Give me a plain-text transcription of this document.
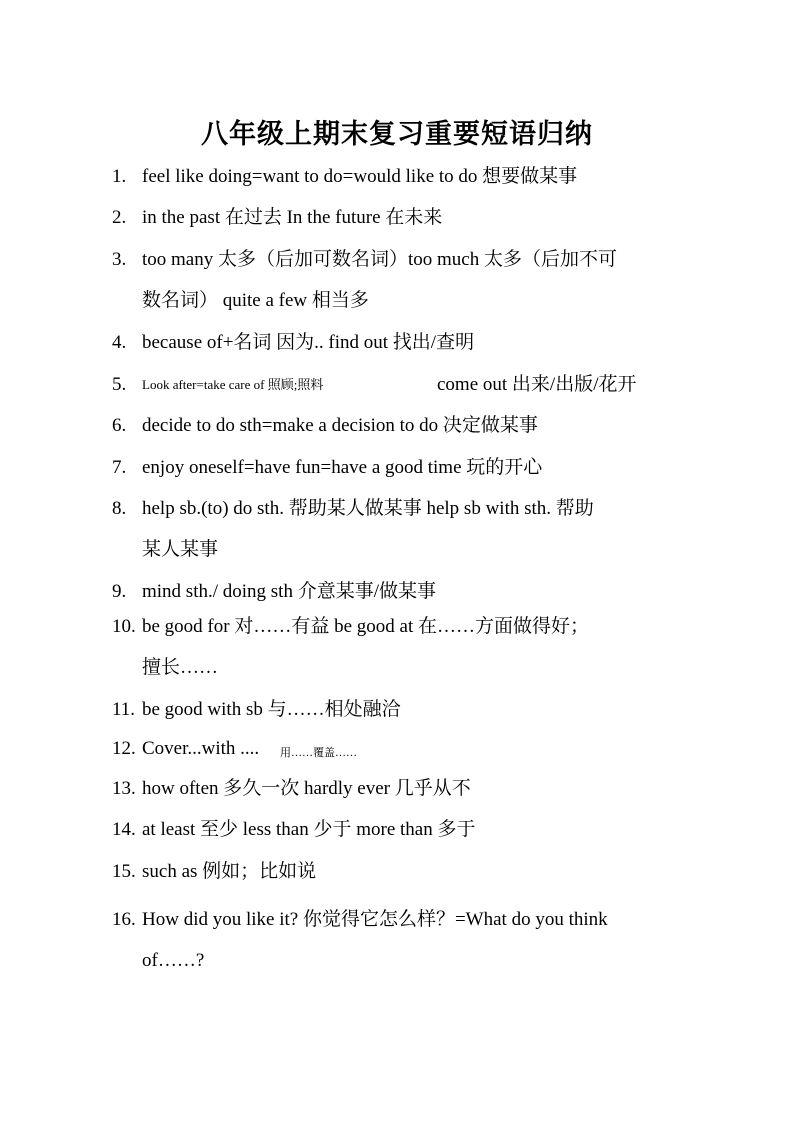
八年级上期末复习重要短语归纳
1. feel like doing=want to do=would like to do 想要做某事
2. in the past 在过去 In the future 在未来
3. too many 太多（后加可数名词）too much 太多（后加不可
数名词） quite a few 相当多
4. because of+名词 因为.. find out 找出/查明
5. Look after=take care of 照顾;照料	come out 出来/出版/花开
6. decide to do sth=make a decision to do 决定做某事
7. enjoy oneself=have fun=have a good time 玩的开心
8. help sb.(to) do sth. 帮助某人做某事 help sb with sth. 帮助
某人某事
9. mind sth./ doing sth 介意某事/做某事
10. be good for 对……有益 be good at 在……方面做得好；
擅长……
11. be good with sb 与……相处融洽
12. Cover...with .... 用……覆盖……
13. how often 多久一次 hardly ever 几乎从不
14. at least 至少 less than 少于 more than 多于
15. such as 例如；比如说
16. How did you like it? 你觉得它怎么样？=What do you think
of……?
